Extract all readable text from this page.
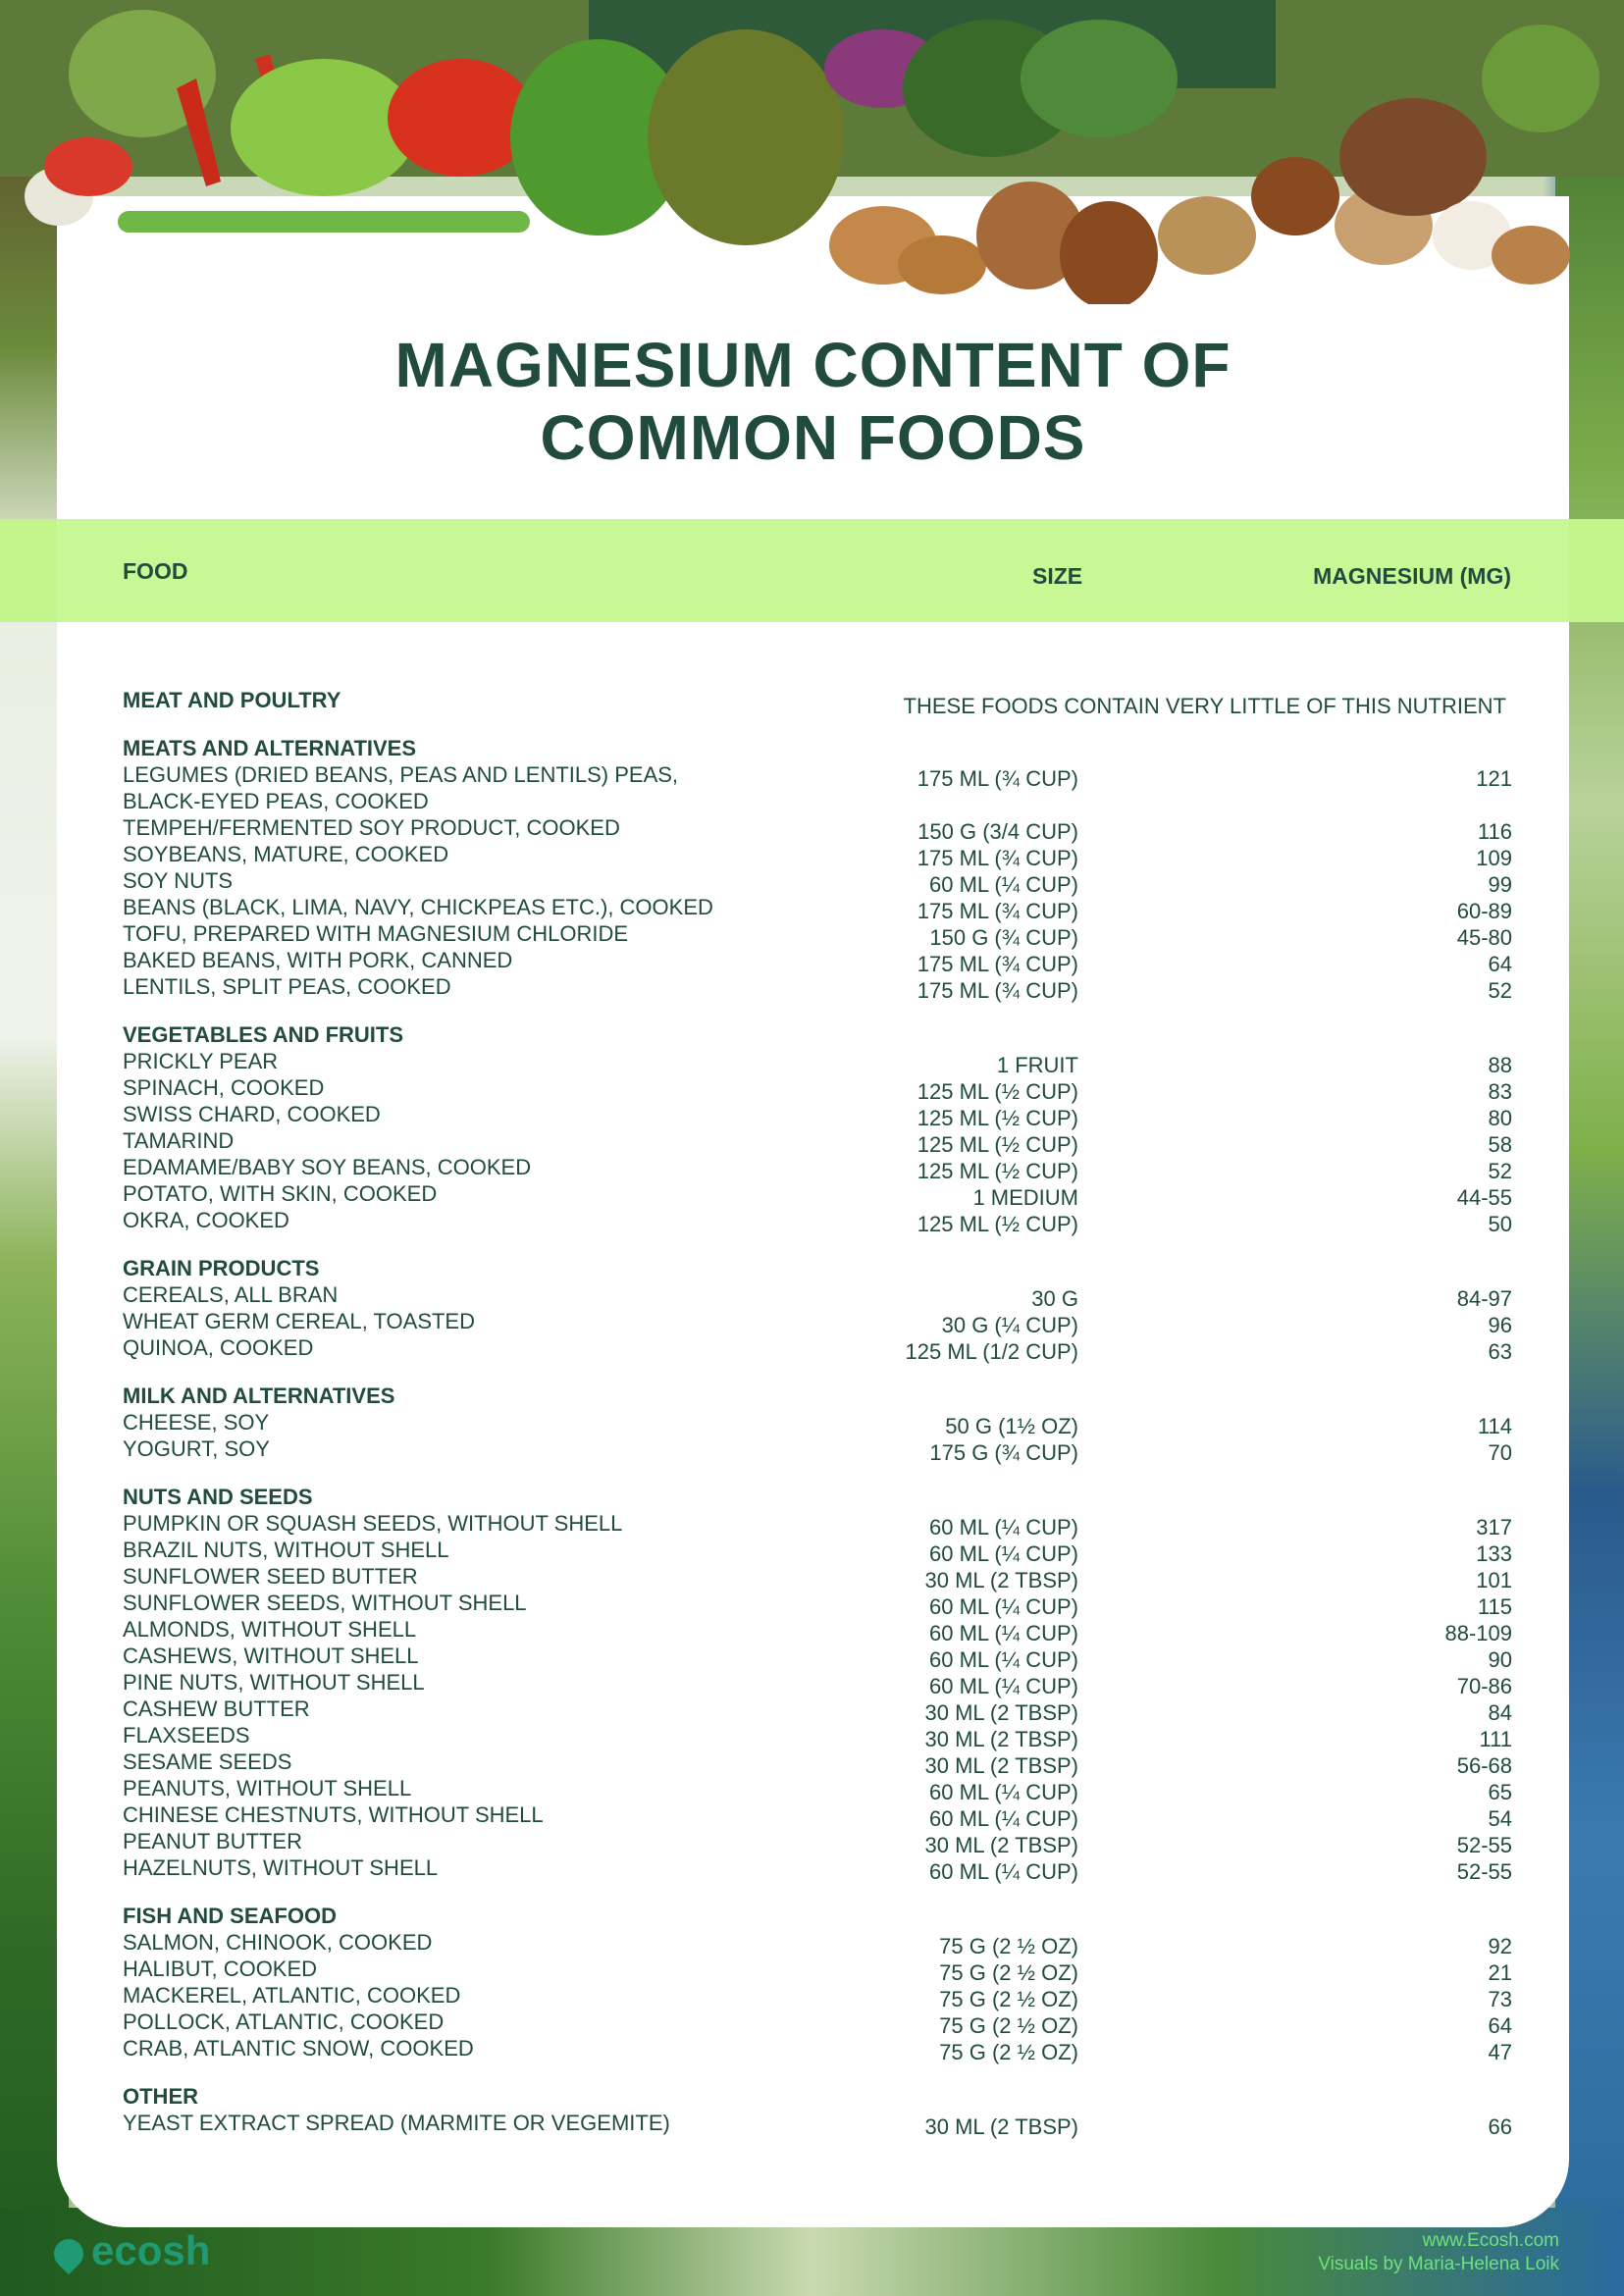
MAGNESIUM CONTENT OF
COMMON FOODS
FOOD	SIZE	MAGNESIUM (MG)
MEAT AND POULTRY	THESE FOODS CONTAIN VERY LITTLE OF THIS NUTRIENT
MEATS AND ALTERNATIVES
LEGUMES (DRIED BEANS, PEAS AND LENTILS) PEAS, BLACK-EYED PEAS, COOKED
175 ML (¾ CUP)	121
TEMPEH/FERMENTED SOY PRODUCT, COOKED	150 G (3/4 CUP)	116
SOYBEANS, MATURE, COOKED	175 ML (¾ CUP)	109
SOY NUTS	60 ML (¼ CUP)	99
BEANS (BLACK, LIMA, NAVY, CHICKPEAS ETC.), COOKED	175 ML (¾ CUP)	60-89
TOFU, PREPARED WITH MAGNESIUM CHLORIDE	150 G (¾ CUP)	45-80
BAKED BEANS, WITH PORK, CANNED	175 ML (¾ CUP)	64
LENTILS, SPLIT PEAS, COOKED	175 ML (¾ CUP)	52
VEGETABLES AND FRUITS
PRICKLY PEAR	1 FRUIT	88
SPINACH, COOKED	125 ML (½ CUP)	83
SWISS CHARD, COOKED	125 ML (½ CUP)	80
TAMARIND	125 ML (½ CUP)	58
EDAMAME/BABY SOY BEANS, COOKED	125 ML (½ CUP)	52
POTATO, WITH SKIN, COOKED	1 MEDIUM	44-55
OKRA, COOKED	125 ML (½ CUP)	50
GRAIN PRODUCTS
CEREALS, ALL BRAN	30 G	84-97
WHEAT GERM CEREAL, TOASTED	30 G (¼ CUP)	96
QUINOA, COOKED	125 ML (1/2 CUP)	63
MILK AND ALTERNATIVES
CHEESE, SOY	50 G (1½ OZ)	114
YOGURT, SOY	175 G (¾ CUP)	70
NUTS AND SEEDS
PUMPKIN OR SQUASH SEEDS, WITHOUT SHELL	60 ML (¼ CUP)	317
BRAZIL NUTS, WITHOUT SHELL	60 ML (¼ CUP)	133
SUNFLOWER SEED BUTTER	30 ML (2 TBSP)	101
SUNFLOWER SEEDS, WITHOUT SHELL	60 ML (¼ CUP)	115
ALMONDS, WITHOUT SHELL	60 ML (¼ CUP)	88-109
CASHEWS, WITHOUT SHELL	60 ML (¼ CUP)	90
PINE NUTS, WITHOUT SHELL	60 ML (¼ CUP)	70-86
CASHEW BUTTER	30 ML (2 TBSP)	84
FLAXSEEDS	30 ML (2 TBSP)	111
SESAME SEEDS	30 ML (2 TBSP)	56-68
PEANUTS, WITHOUT SHELL	60 ML (¼ CUP)	65
CHINESE CHESTNUTS, WITHOUT SHELL	60 ML (¼ CUP)	54
PEANUT BUTTER	30 ML (2 TBSP)	52-55
HAZELNUTS, WITHOUT SHELL	60 ML (¼ CUP)	52-55
FISH AND SEAFOOD
SALMON, CHINOOK, COOKED	75 G (2 ½ OZ)	92
HALIBUT, COOKED	75 G (2 ½ OZ)	21
MACKEREL, ATLANTIC, COOKED	75 G (2 ½ OZ)	73
POLLOCK, ATLANTIC, COOKED	75 G (2 ½ OZ)	64
CRAB, ATLANTIC SNOW, COOKED	75 G (2 ½ OZ)	47
OTHER
YEAST EXTRACT SPREAD (MARMITE OR VEGEMITE)	30 ML (2 TBSP)	66
ecosh	www.Ecosh.com
Visuals by Maria-Helena Loik
